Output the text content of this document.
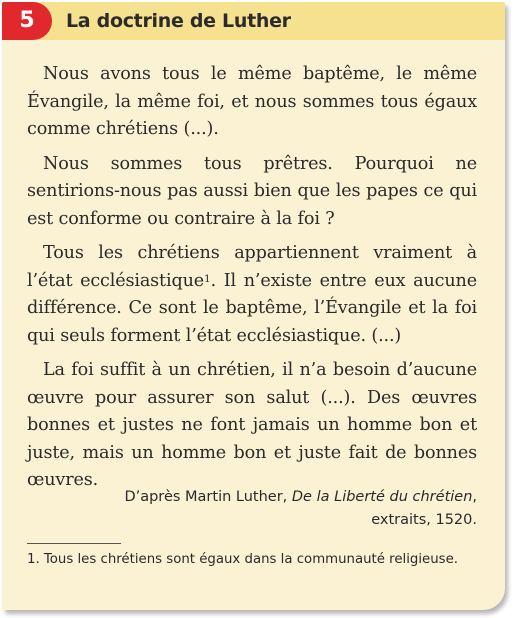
5	La doctrine de Luther

Nous avons tous le même baptême, le même Évangile, la même foi, et nous sommes tous égaux comme chrétiens (...).

Nous sommes tous prêtres. Pourquoi ne sentirions-nous pas aussi bien que les papes ce qui est conforme ou contraire à la foi ?

Tous les chrétiens appartiennent vraiment à l’état ecclésiastique$^1$. Il n’existe entre eux aucune différence. Ce sont le baptême, l’Évangile et la foi qui seuls forment l’état ecclésiastique. (...)

La foi suffit à un chrétien, il n’a besoin d’aucune œuvre pour assurer son salut (...). Des œuvres bonnes et justes ne font jamais un homme bon et juste, mais un homme bon et juste fait de bonnes œuvres.

D’après Martin Luther, De la Liberté du chrétien,
extraits, 1520.
1. Tous les chrétiens sont égaux dans la communauté religieuse.
